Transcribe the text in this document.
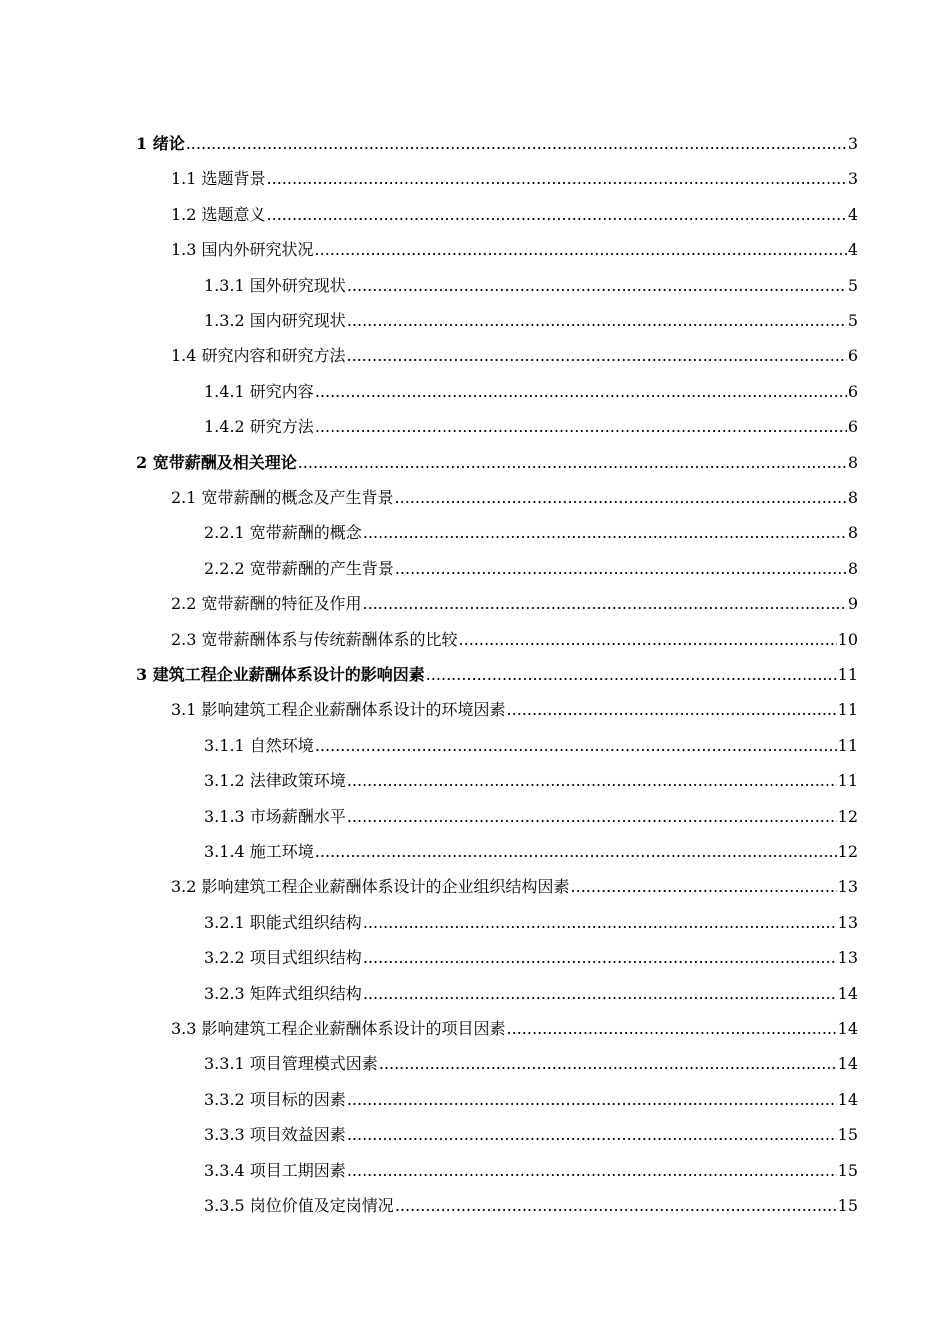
1 绪论 .....	3
1.1 选题背景 .....	3
1.2 选题意义 .....	4
1.3 国内外研究状况 .....	4
1.3.1 国外研究现状 .....	5
1.3.2 国内研究现状 .....	5
1.4 研究内容和研究方法 .....	6
1.4.1 研究内容 .....	6
1.4.2 研究方法 .....	6
2 宽带薪酬及相关理论 .....	8
2.1 宽带薪酬的概念及产生背景 .....	8
2.2.1 宽带薪酬的概念 .....	8
2.2.2 宽带薪酬的产生背景 .....	8
2.2 宽带薪酬的特征及作用 .....	9
2.3 宽带薪酬体系与传统薪酬体系的比较 .....	10
3 建筑工程企业薪酬体系设计的影响因素 .....	11
3.1 影响建筑工程企业薪酬体系设计的环境因素 .....	11
3.1.1 自然环境 .....	11
3.1.2 法律政策环境 .....	11
3.1.3 市场薪酬水平 .....	12
3.1.4 施工环境 .....	12
3.2 影响建筑工程企业薪酬体系设计的企业组织结构因素 .....	13
3.2.1 职能式组织结构 .....	13
3.2.2 项目式组织结构 .....	13
3.2.3 矩阵式组织结构 .....	14
3.3 影响建筑工程企业薪酬体系设计的项目因素 .....	14
3.3.1 项目管理模式因素 .....	14
3.3.2 项目标的因素 .....	14
3.3.3 项目效益因素 .....	15
3.3.4 项目工期因素 .....	15
3.3.5 岗位价值及定岗情况 .....	15
